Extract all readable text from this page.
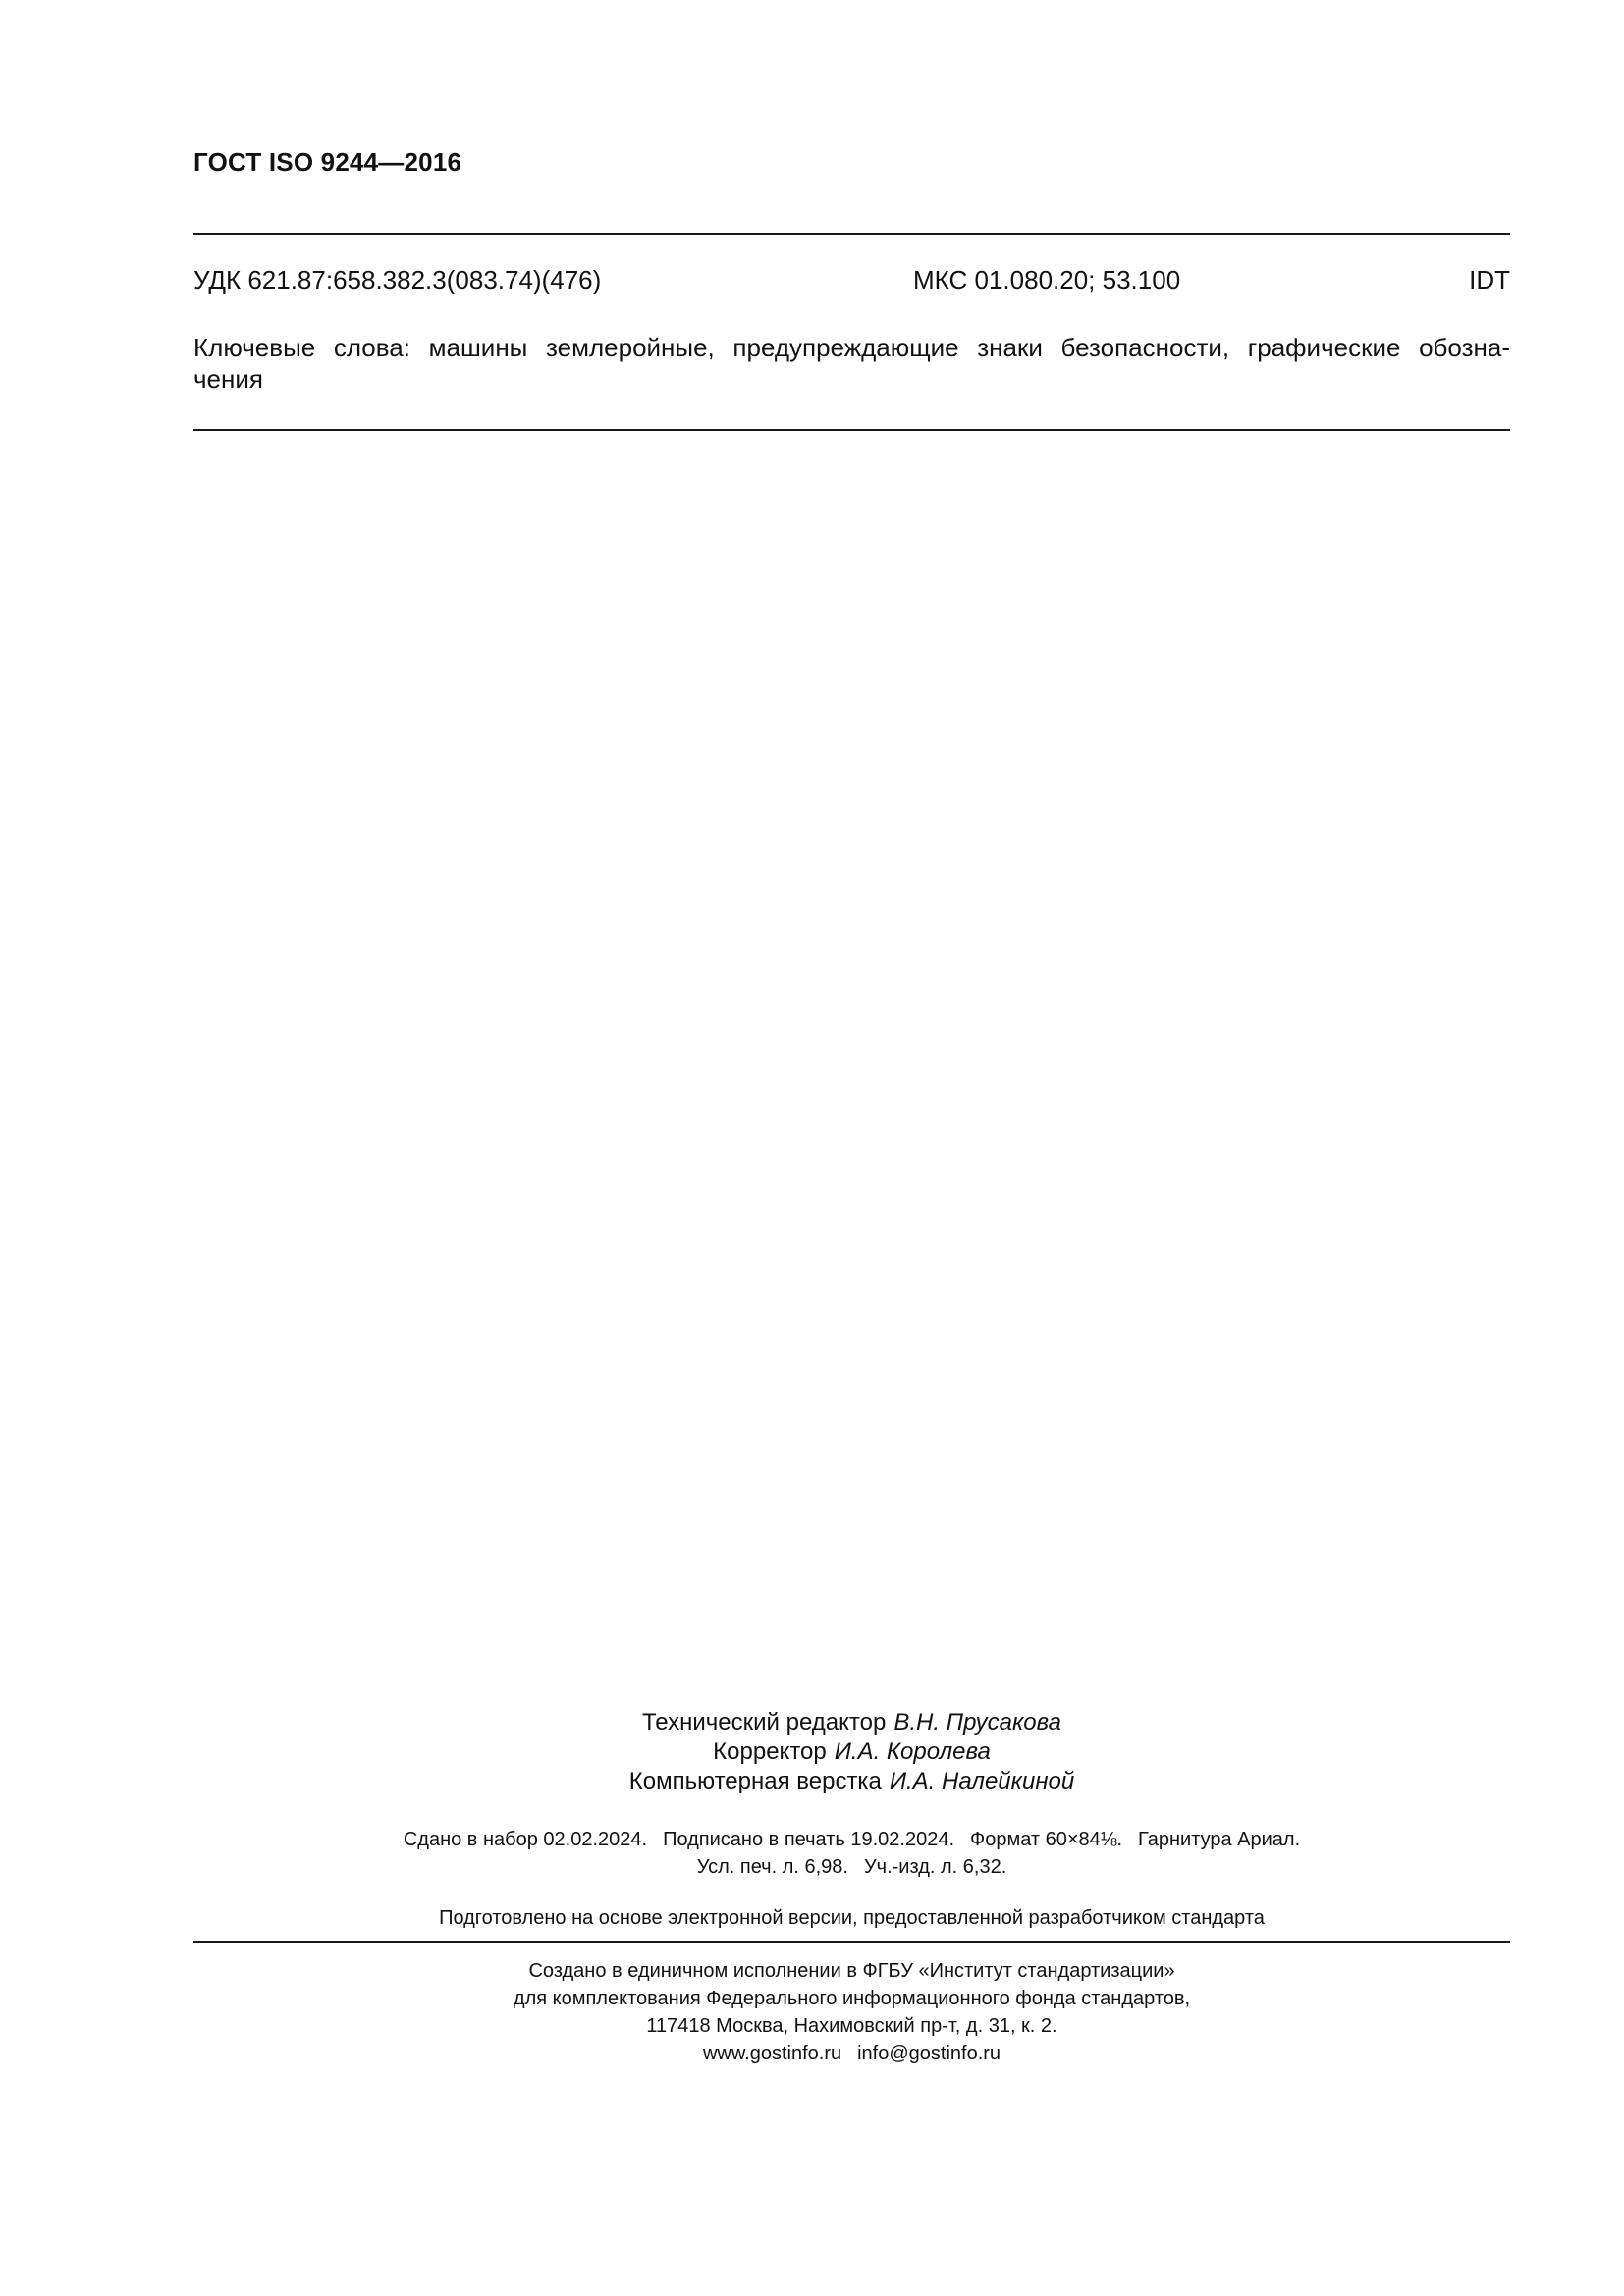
ГОСТ ISO 9244—2016
УДК 621.87:658.382.3(083.74)(476)	МКС 01.080.20; 53.100	IDT
Ключевые слова: машины землеройные, предупреждающие знаки безопасности, графические обозна-
чения
Технический редактор В.Н. Прусакова
Корректор И.А. Королева
Компьютерная верстка И.А. Налейкиной
Сдано в набор 02.02.2024. Подписано в печать 19.02.2024. Формат 60×84⅛. Гарнитура Ариал.
Усл. печ. л. 6,98. Уч.-изд. л. 6,32.
Подготовлено на основе электронной версии, предоставленной разработчиком стандарта
Создано в единичном исполнении в ФГБУ «Институт стандартизации»
для комплектования Федерального информационного фонда стандартов,
117418 Москва, Нахимовский пр-т, д. 31, к. 2.
www.gostinfo.ru info@gostinfo.ru
